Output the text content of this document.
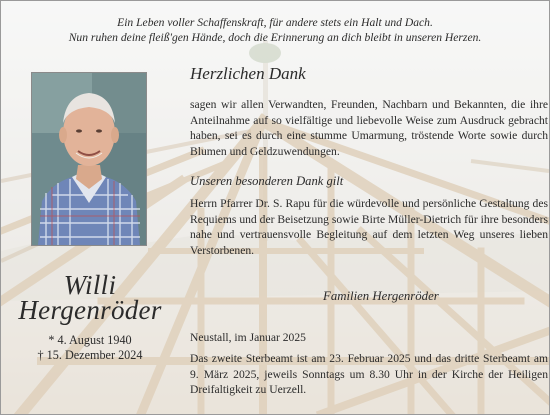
Ein Leben voller Schaffenskraft, für andere stets ein Halt und Dach.
Nun ruhen deine fleiß'gen Hände, doch die Erinnerung an dich bleibt in unseren Herzen.
Willi
Hergenröder
* 4. August 1940
† 15. Dezember 2024
Herzlichen Dank
sagen wir allen Verwandten, Freunden, Nachbarn und Bekannten, die ihre Anteilnahme auf so vielfältige und liebevolle Weise zum Ausdruck gebracht haben, sei es durch eine stumme Umarmung, tröstende Worte sowie durch Blumen und Geldzuwendungen.
Unseren besonderen Dank gilt
Herrn Pfarrer Dr. S. Rapu für die würdevolle und persönliche Gestaltung des Requiems und der Beisetzung sowie Birte Müller-Dietrich für ihre besonders nahe und vertrauensvolle Begleitung auf dem letzten Weg unseres lieben Verstorbenen.
Familien Hergenröder
Neustall, im Januar 2025
Das zweite Sterbeamt ist am 23. Februar 2025 und das dritte Sterbeamt am 9. März 2025, jeweils Sonntags um 8.30 Uhr in der Kirche der Heiligen Dreifaltigkeit zu Uerzell.
